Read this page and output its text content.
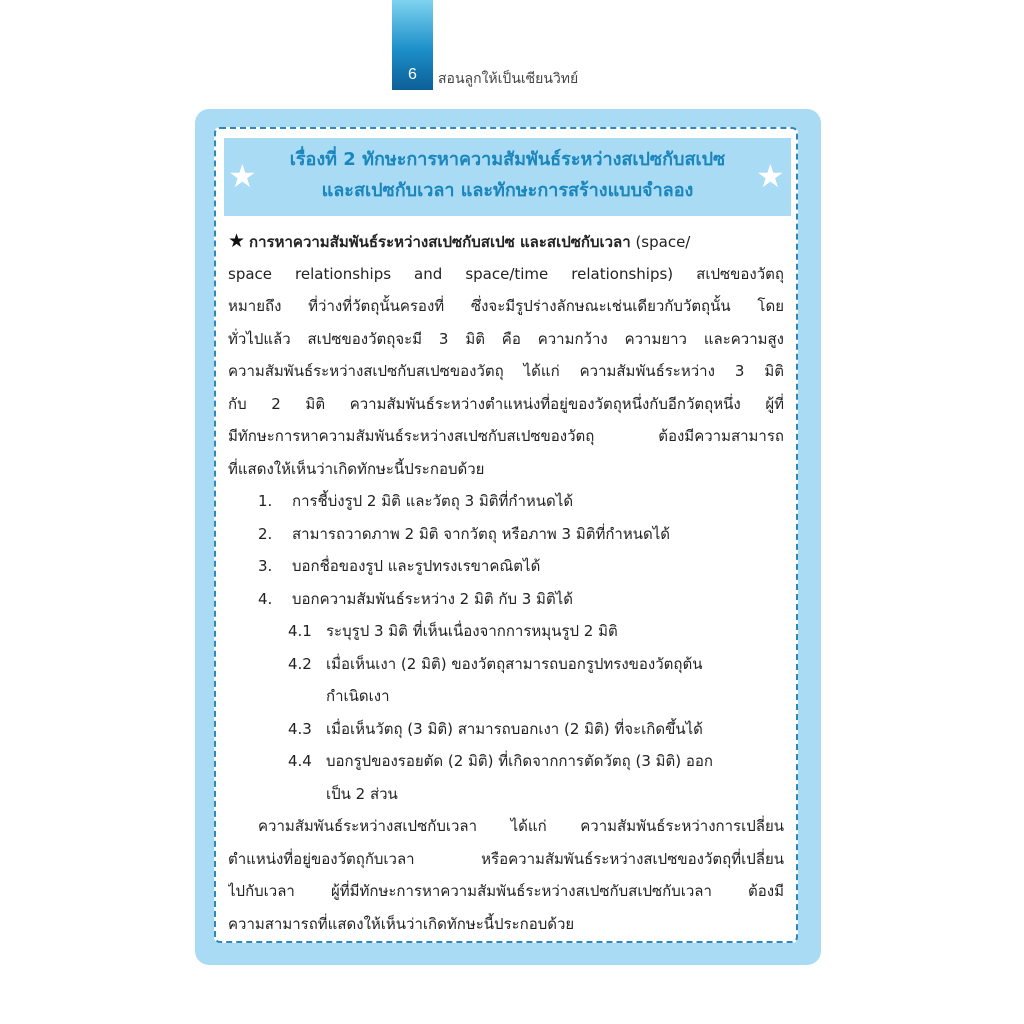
6	สอนลูกให้เป็นเซียนวิทย์
★	★
เรื่องที่ 2 ทักษะการหาความสัมพันธ์ระหว่างสเปซกับสเปซ
และสเปซกับเวลา และทักษะการสร้างแบบจำลอง
★ การหาความสัมพันธ์ระหว่างสเปซกับสเปซ และสเปซกับเวลา (space/
space relationships and space/time relationships) สเปซของวัตถุ
หมายถึง ที่ว่างที่วัตถุนั้นครองที่ ซึ่งจะมีรูปร่างลักษณะเช่นเดียวกับวัตถุนั้น โดย
ทั่วไปแล้ว สเปซของวัตถุจะมี 3 มิติ คือ ความกว้าง ความยาว และความสูง
ความสัมพันธ์ระหว่างสเปซกับสเปซของวัตถุ ได้แก่ ความสัมพันธ์ระหว่าง 3 มิติ
กับ 2 มิติ ความสัมพันธ์ระหว่างตำแหน่งที่อยู่ของวัตถุหนึ่งกับอีกวัตถุหนึ่ง ผู้ที่
มีทักษะการหาความสัมพันธ์ระหว่างสเปซกับสเปซของวัตถุ ต้องมีความสามารถ
ที่แสดงให้เห็นว่าเกิดทักษะนี้ประกอบด้วย
1. การชี้บ่งรูป 2 มิติ และวัตถุ 3 มิติที่กำหนดได้
2. สามารถวาดภาพ 2 มิติ จากวัตถุ หรือภาพ 3 มิติที่กำหนดได้
3. บอกชื่อของรูป และรูปทรงเรขาคณิตได้
4. บอกความสัมพันธ์ระหว่าง 2 มิติ กับ 3 มิติได้
4.1 ระบุรูป 3 มิติ ที่เห็นเนื่องจากการหมุนรูป 2 มิติ
4.2 เมื่อเห็นเงา (2 มิติ) ของวัตถุสามารถบอกรูปทรงของวัตถุต้น
กำเนิดเงา
4.3 เมื่อเห็นวัตถุ (3 มิติ) สามารถบอกเงา (2 มิติ) ที่จะเกิดขึ้นได้
4.4 บอกรูปของรอยตัด (2 มิติ) ที่เกิดจากการตัดวัตถุ (3 มิติ) ออก
เป็น 2 ส่วน
ความสัมพันธ์ระหว่างสเปซกับเวลา ได้แก่ ความสัมพันธ์ระหว่างการเปลี่ยน
ตำแหน่งที่อยู่ของวัตถุกับเวลา หรือความสัมพันธ์ระหว่างสเปซของวัตถุที่เปลี่ยน
ไปกับเวลา ผู้ที่มีทักษะการหาความสัมพันธ์ระหว่างสเปซกับสเปซกับเวลา ต้องมี
ความสามารถที่แสดงให้เห็นว่าเกิดทักษะนี้ประกอบด้วย
